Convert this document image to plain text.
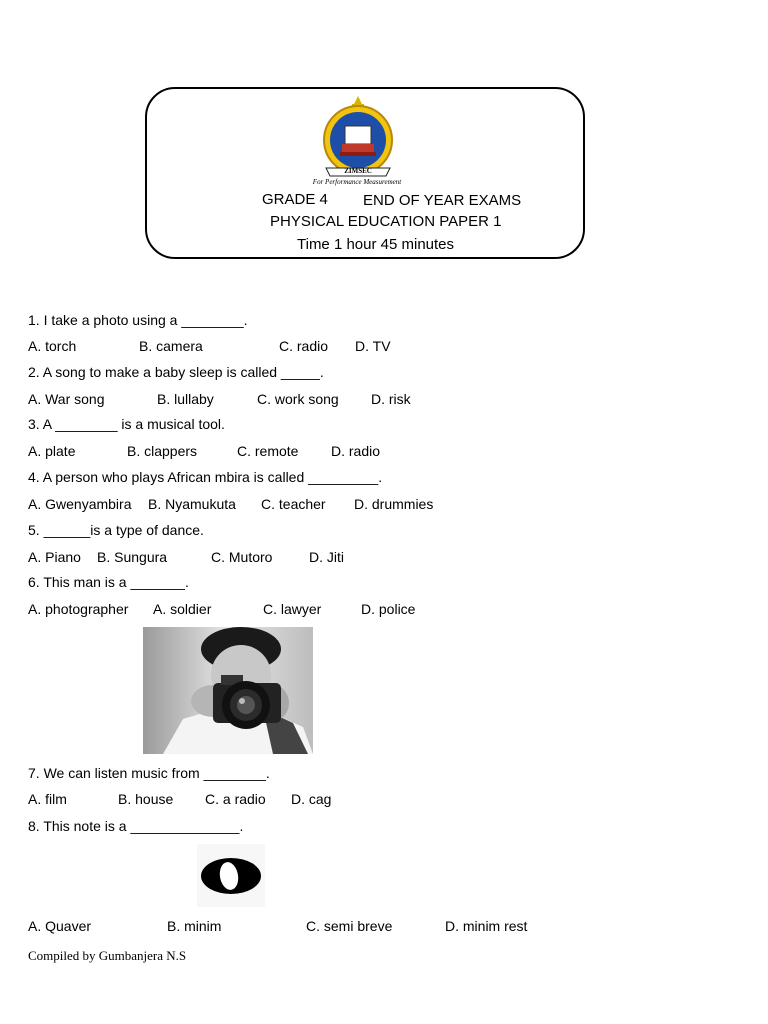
ZIMSEC
For Performance Measurement
GRADE 4 END OF YEAR EXAMS
PHYSICAL EDUCATION PAPER 1
Time 1 hour 45 minutes
1. I take a photo using a ________.
A. torch	B. camera	C. radio D. TV
2. A song to make a baby sleep is called _____.
A. War song	B. lullaby	C. work song D. risk
3. A ________ is a musical tool.
A. plate	B. clappers	C. remote D. radio
4. A person who plays African mbira is called _________.
A. Gwenyambira B. Nyamukuta C. teacher D. drummies
5. ______is a type of dance.
A. Piano B. Sungura	C. Mutoro	D. Jiti
6. This man is a _______.
A. photographer A. soldier	C. lawyer	D. police
7. We can listen music from ________.
A. film	B. house C. a radio D. cag
8. This note is a ______________.
A. Quaver	B. minim	C. semi breve	D. minim rest
Compiled by Gumbanjera N.S
